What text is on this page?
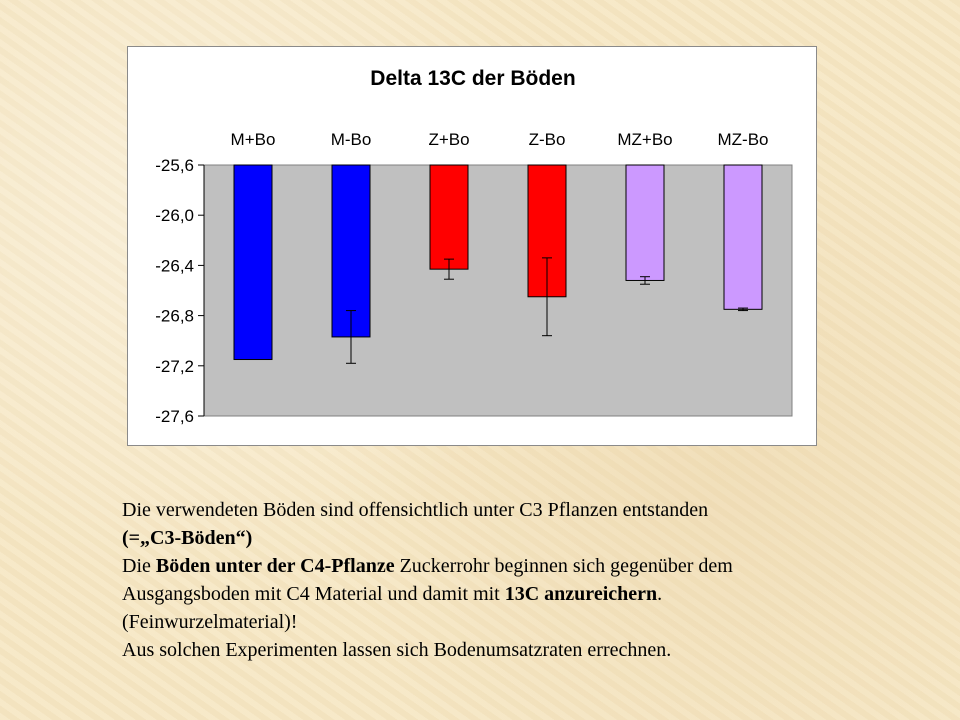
Delta 13C der Böden
-25,6
-26,0
-26,4
-26,8
-27,2
-27,6
M+Bo	M-Bo	Z+Bo	Z-Bo	MZ+Bo	MZ-Bo

Die verwendeten Böden sind offensichtlich unter C3 Pflanzen entstanden

(=„C3-Böden“)

Die Böden unter der C4-Pflanze Zuckerrohr beginnen sich gegenüber dem

Ausgangsboden mit C4 Material und damit mit 13C anzureichern.

(Feinwurzelmaterial)!

Aus solchen Experimenten lassen sich Bodenumsatzraten errechnen.
